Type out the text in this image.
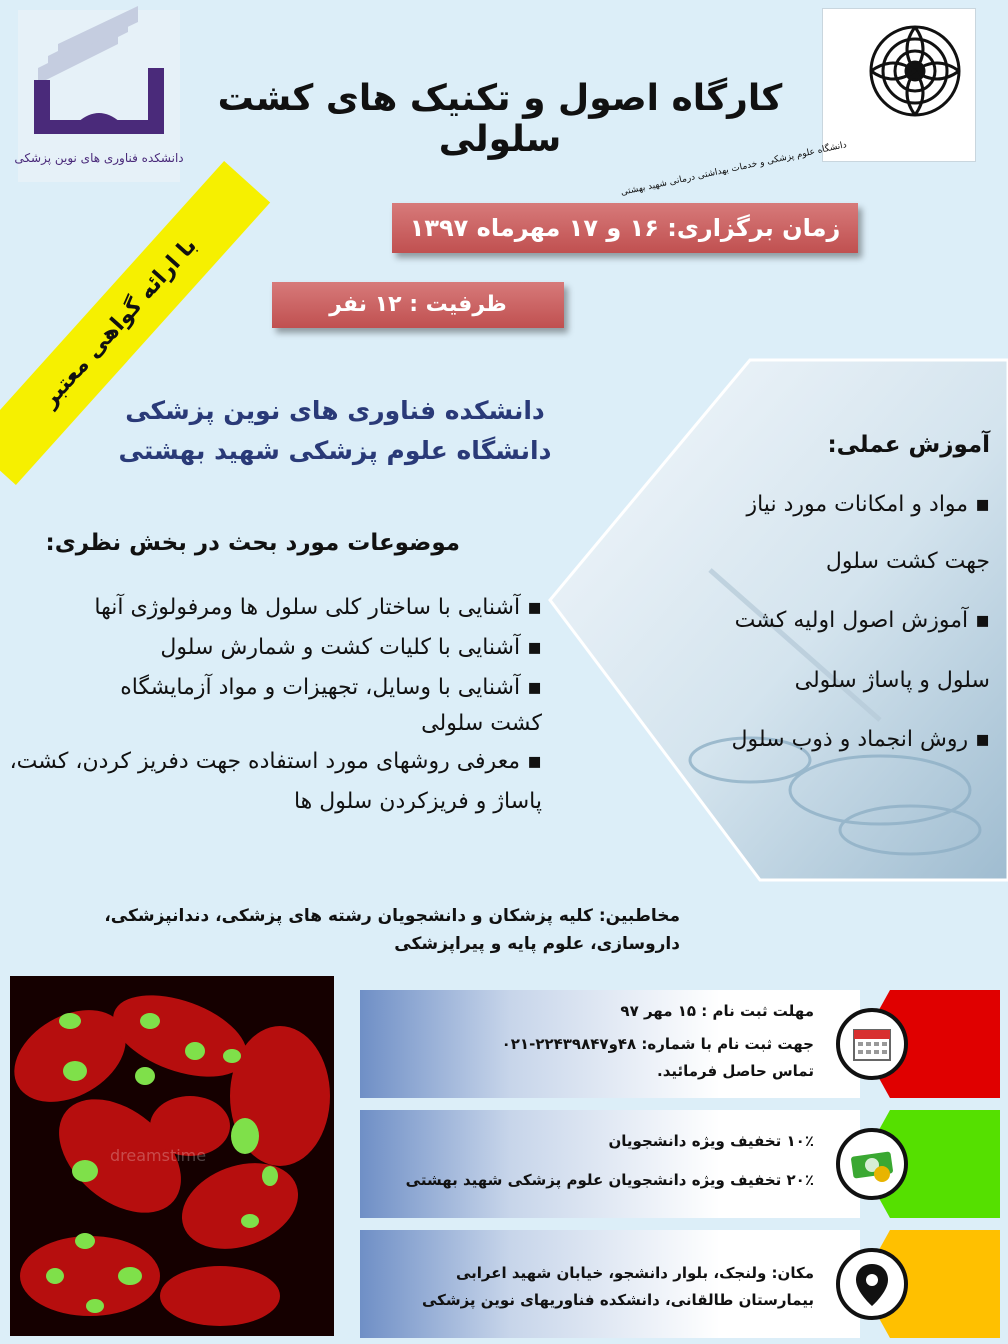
دانشکده فناوری های نوین پزشکی	دانشگاه علوم پزشکی و خدمات بهداشتی درمانی شهید بهشتی
کارگاه اصول و تکنیک های کشت سلولی
زمان برگزاری: ۱۶ و ۱۷ مهرماه ۱۳۹۷
ظرفیت : ۱۲ نفر
با ارائه گواهی معتبر
دانشکده فناوری های نوین پزشکی
دانشگاه علوم پزشکی شهید بهشتی	آموزش عملی:
▪ مواد و امکانات مورد نیاز
جهت کشت سلول
▪ آموزش اصول اولیه کشت
سلول و پاساژ سلولی
▪ روش انجماد و ذوب سلول
موضوعات مورد بحث در بخش نظری:
▪ آشنایی با ساختار کلی سلول ها ومرفولوژی آنها
▪ آشنایی با کلیات کشت و شمارش سلول
▪ آشنایی با وسایل، تجهیزات و مواد آزمایشگاه
کشت سلولی
▪ معرفی روشهای مورد استفاده جهت دفریز کردن، کشت،
پاساژ و فریزکردن سلول ها
مخاطبین: کلیه پزشکان و دانشجویان رشته های پزشکی، دندانپزشکی،
داروسازی، علوم پایه و پیراپزشکی
dreamstime
مهلت ثبت نام : ۱۵ مهر ۹۷
جهت ثبت نام با شماره: ۴۸و۲۲۴۳۹۸۴۷-۰۲۱
تماس حاصل فرمائید.
۱۰٪ تخفیف ویژه دانشجویان
۲۰٪ تخفیف ویژه دانشجویان علوم پزشکی شهید بهشتی
مکان: ولنجک، بلوار دانشجو، خیابان شهید اعرابی
بیمارستان طالقانی، دانشکده فناوریهای نوین پزشکی
